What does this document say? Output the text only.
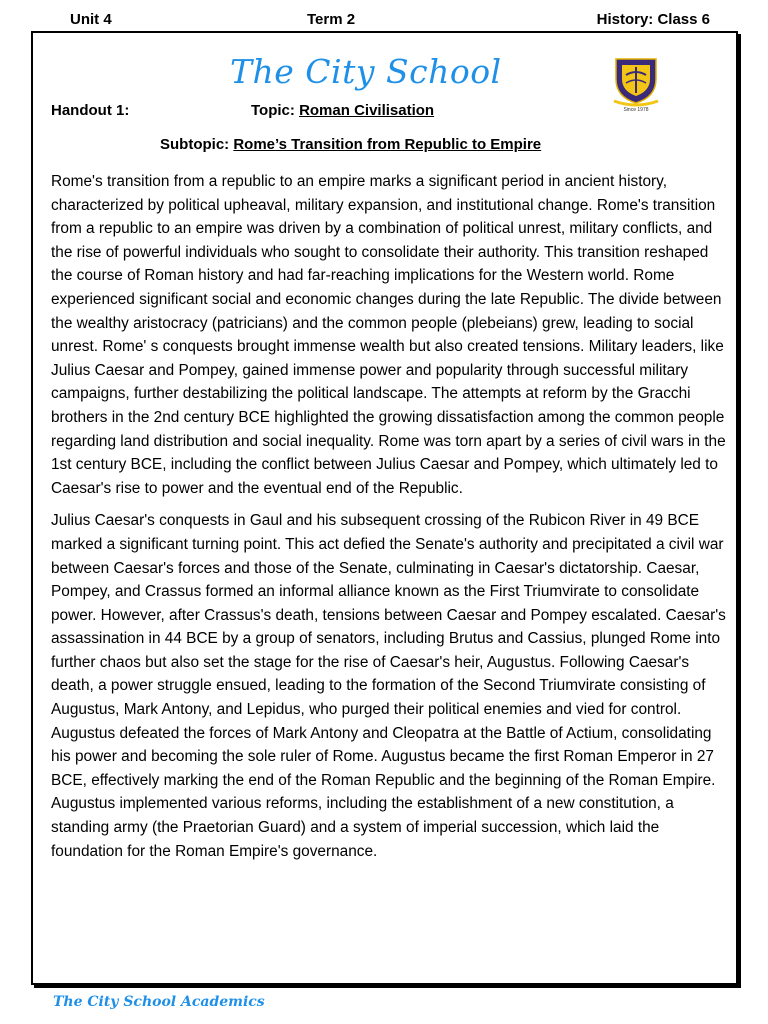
Unit 4	Term 2	History: Class 6
The City School
Since 1978
Handout 1:	Topic: Roman Civilisation
Subtopic: Rome’s Transition from Republic to Empire

Rome's transition from a republic to an empire marks a significant period in ancient history, characterized by political upheaval, military expansion, and institutional change. Rome's transition from a republic to an empire was driven by a combination of political unrest, military conflicts, and the rise of powerful individuals who sought to consolidate their authority. This transition reshaped the course of Roman history and had far-reaching implications for the Western world. Rome experienced significant social and economic changes during the late Republic. The divide between the wealthy aristocracy (patricians) and the common people (plebeians) grew, leading to social unrest. Rome' s conquests brought immense wealth but also created tensions. Military leaders, like Julius Caesar and Pompey, gained immense power and popularity through successful military campaigns, further destabilizing the political landscape. The attempts at reform by the Gracchi brothers in the 2nd century BCE highlighted the growing dissatisfaction among the common people regarding land distribution and social inequality. Rome was torn apart by a series of civil wars in the 1st century BCE, including the conflict between Julius Caesar and Pompey, which ultimately led to Caesar's rise to power and the eventual end of the Republic.

Julius Caesar's conquests in Gaul and his subsequent crossing of the Rubicon River in 49 BCE marked a significant turning point. This act defied the Senate's authority and precipitated a civil war between Caesar's forces and those of the Senate, culminating in Caesar's dictatorship. Caesar, Pompey, and Crassus formed an informal alliance known as the First Triumvirate to consolidate power. However, after Crassus's death, tensions between Caesar and Pompey escalated. Caesar's assassination in 44 BCE by a group of senators, including Brutus and Cassius, plunged Rome into further chaos but also set the stage for the rise of Caesar's heir, Augustus. Following Caesar's death, a power struggle ensued, leading to the formation of the Second Triumvirate consisting of Augustus, Mark Antony, and Lepidus, who purged their political enemies and vied for control. Augustus defeated the forces of Mark Antony and Cleopatra at the Battle of Actium, consolidating his power and becoming the sole ruler of Rome. Augustus became the first Roman Emperor in 27 BCE, effectively marking the end of the Roman Republic and the beginning of the Roman Empire. Augustus implemented various reforms, including the establishment of a new constitution, a standing army (the Praetorian Guard) and a system of imperial succession, which laid the foundation for the Roman Empire's governance.

The City School Academics
